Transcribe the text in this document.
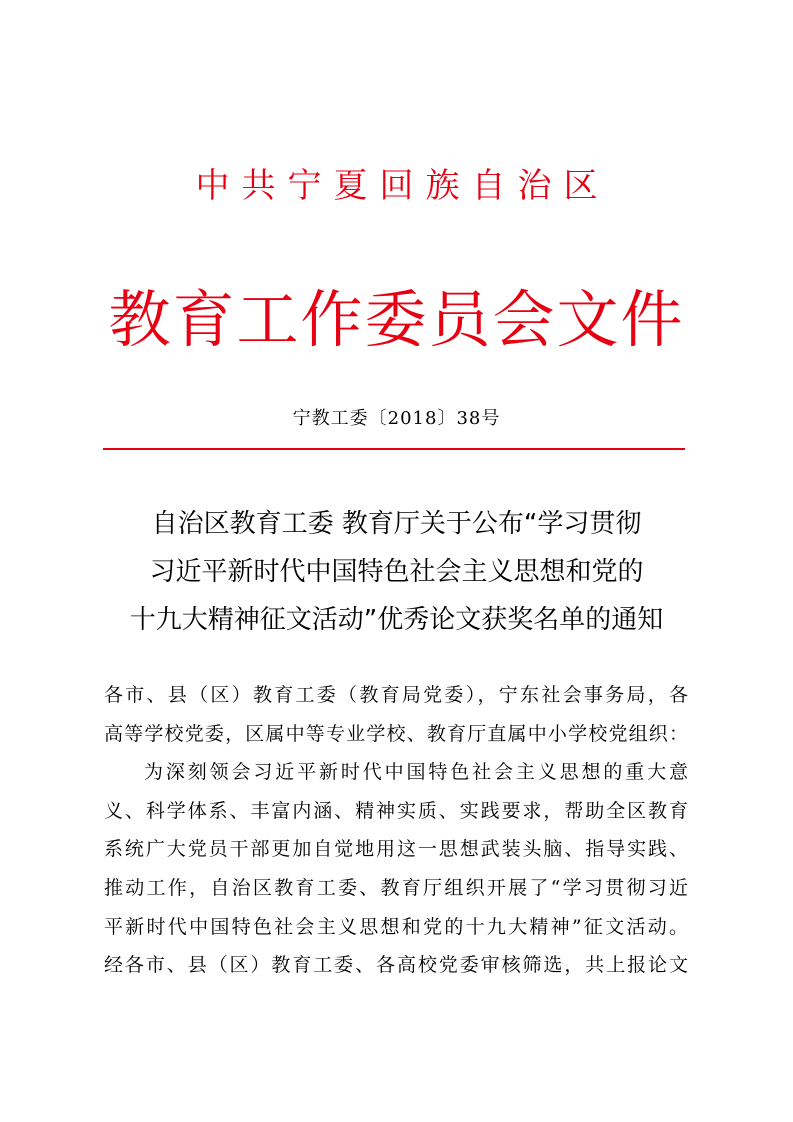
中共宁夏回族自治区
教育工作委员会文件
宁教工委〔2018〕38号
自治区教育工委 教育厅关于公布“学习贯彻
习近平新时代中国特色社会主义思想和党的
十九大精神征文活动”优秀论文获奖名单的通知
各市、县（区）教育工委（教育局党委），宁东社会事务局，各
高等学校党委，区属中等专业学校、教育厅直属中小学校党组织：
为深刻领会习近平新时代中国特色社会主义思想的重大意
义、科学体系、丰富内涵、精神实质、实践要求，帮助全区教育
系统广大党员干部更加自觉地用这一思想武装头脑、指导实践、
推动工作，自治区教育工委、教育厅组织开展了“学习贯彻习近
平新时代中国特色社会主义思想和党的十九大精神”征文活动。
经各市、县（区）教育工委、各高校党委审核筛选，共上报论文
